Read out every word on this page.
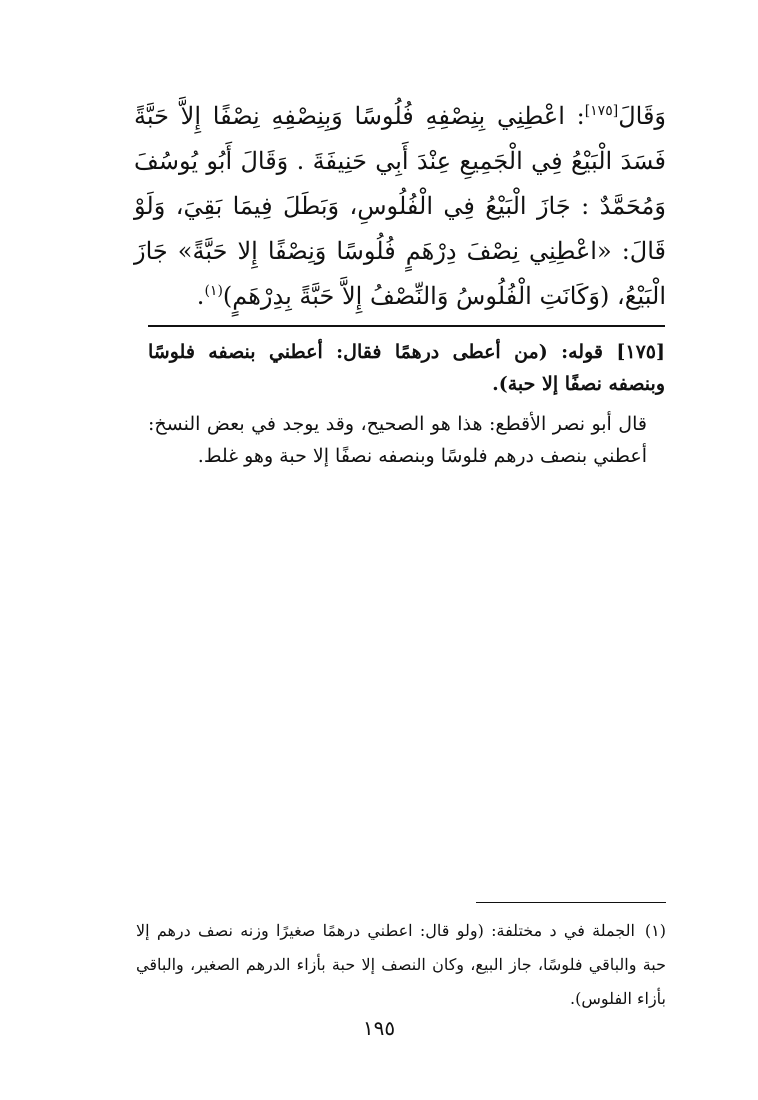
وَقَالَ[١٧٥]: اعْطِنِي بِنِصْفِهِ فُلُوسًا وَبِنِصْفِهِ نِصْفًا إِلاَّ حَبَّةً فَسَدَ الْبَيْعُ فِي الْجَمِيعِ عِنْدَ أَبِي حَنِيفَةَ . وَقَالَ أَبُو يُوسُفَ وَمُحَمَّدٌ : جَازَ الْبَيْعُ فِي الْفُلُوسِ، وَبَطَلَ فِيمَا بَقِيَ، وَلَوْ قَالَ: «اعْطِنِي نِصْفَ دِرْهَمٍ فُلُوسًا وَنِصْفًا إِلا حَبَّةً» جَازَ الْبَيْعُ، (وَكَانَتِ الْفُلُوسُ وَالنِّصْفُ إِلاَّ حَبَّةً بِدِرْهَمٍ)$^{(١)}$.

[١٧٥] قوله: (من أعطى درهمًا فقال: أعطني بنصفه فلوسًا وبنصفه نصفًا إلا حبة).

قال أبو نصر الأقطع: هذا هو الصحيح، وقد يوجد في بعض النسخ: أعطني بنصف درهم فلوسًا وبنصفه نصفًا إلا حبة وهو غلط.

(١)الجملة في د مختلفة: (ولو قال: اعطني درهمًا صغيرًا وزنه نصف درهم إلا حبة والباقي فلوسًا، جاز البيع، وكان النصف إلا حبة بأزاء الدرهم الصغير، والباقي بأزاء الفلوس).

١٩٥
